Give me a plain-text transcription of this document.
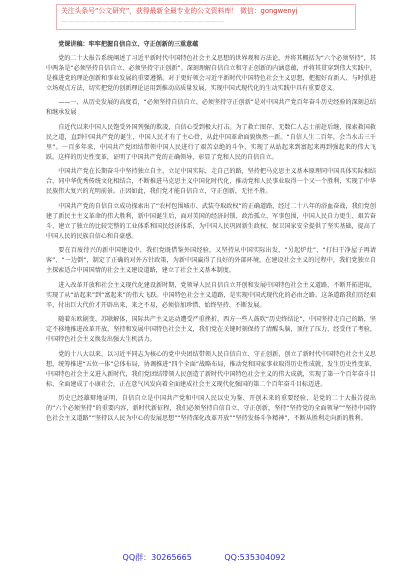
关注头条号“公文研究”，获得最新全最专业的公文资料库！ 微信：gongwenyj
————————————————————————
党课讲稿：牢牢把握自信自立、守正创新的三重意蕴
党的二十大报告系统阐述了习近平新时代中国特色社会主义思想的世界观和方法论，并将其概括为“六个必须坚持”，其中两条是“必须坚持自信自立、必须坚持守正创新”。深刻理解自信自立和守正创新的内涵意蕴，并将其贯穿到伟大实践中，是推进党的理论创新和事业发展的重要遵循。对于更好领会习近平新时代中国特色社会主义思想，把握好育新人、与时俱进立场观点方法，切实把党的创新理论运用到推动高质量发展、实现中国式现代化的生动实践中具有重要意义。
——一、从历史发展的高度看，“必须坚持自信自立、必须坚持守正创新”是对中国共产党百年奋斗历史经验的深刻总结和继承发展
自近代以来中国人民饱受外国列强的欺凌，自信心受到极大打击。为了救亡图存，无数仁人志士前赴后继，探索救国救民之道，直到中国共产党的诞生，中国人民才有了主心骨，从此中国革命面貌焕然一新。“自信人生二百年，会当水击三千里”。一百多年来，中国共产党团结带领中国人民进行了艰苦卓绝的斗争，实现了从站起来到富起来再到强起来的伟大飞跃。这样的历史性变革，证明了中国共产党的正确领导，彰显了党和人民的自信自立。
中国共产党在长期奋斗中坚持独立自主，立足中国实际，走自己的路，坚持把马克思主义基本原理同中国具体实际相结合、同中华优秀传统文化相结合，不断推进马克思主义中国化时代化，推动党和人民事业取得一个又一个胜利，实现了中华民族伟大复兴的光明前景。正因如此，我们党才能自信自立，守正创新，无往不胜。
中国共产党的自信自立成功探索出了“农村包围城市、武装夺取政权”的正确道路，经过二十八年的浴血奋战，我们党创建了新民主主义革命的伟大胜利，新中国诞生后，面对美国的经济封锁、政治孤立、军事包围，中国人民自力更生、艰苦奋斗，建立了独立的比较完整的工业体系和国民经济体系，为中国人民巩固新生政权、保卫国家安全提供了坚实基础，提高了中国人民的民族自信心和自豪感。
要在百废待兴的新中国建设中，我们党既借鉴外国经验，又坚持从中国实际出发，“另起炉灶”、“打扫干净屋子再请客”、“一边倒”，制定了正确的对外方针政策，为新中国赢得了良好的外部环境，在建设社会主义的过程中，我们党独立自主探索适合中国国情的社会主义建设道路，建立了社会主义基本制度。
进入改革开放和社会主义现代化建设新时期，党领导人民自信自立开创和发展中国特色社会主义道路，不断开拓进取，实现了从“站起来”到“富起来”的伟大飞跃。中国特色社会主义道路，是实现中国式现代化的必由之路。这条道路我们历经艰辛、付出巨大代价才开辟出来，来之不易，必须倍加珍惜、始终坚持、不断发展。
随着东欧剧变、苏联解体，国际共产主义运动遭受严重挫折，西方一些人鼓吹“历史终结论”，中国坚持走自己的路，坚定不移地推进改革开放，坚持和发展中国特色社会主义，我们党在关键时刻保持了清醒头脑，顶住了压力，经受住了考验，中国特色社会主义焕发出强大生机活力。
党的十八大以来，以习近平同志为核心的党中央团结带领人民自信自立、守正创新，创立了新时代中国特色社会主义思想，统筹推进“五位一体”总体布局，协调推进“四个全面”战略布局，推动党和国家事业取得历史性成就、发生历史性变革，中国特色社会主义进入新时代，我们党团结带领人民创造了新时代中国特色社会主义的伟大成就，实现了第一个百年奋斗目标，全面建成了小康社会，正在意气风发向着全面建成社会主义现代化强国的第二个百年奋斗目标迈进。
历史已经雄辩地证明，自信自立是中国共产党和中国人民以史为鉴、开创未来的重要经验，是党的二十大报告提出的“六个必须坚持”的重要内容，新时代新征程，我们必须坚持自信自立、守正创新，坚持“坚持党的全面领导”“坚持中国特色社会主义道路”“坚持以人民为中心的发展思想”“坚持深化改革开放”“坚持发扬斗争精神”，不断从胜利走向新的胜利。
QQ群：30265665	QQ:535304092
